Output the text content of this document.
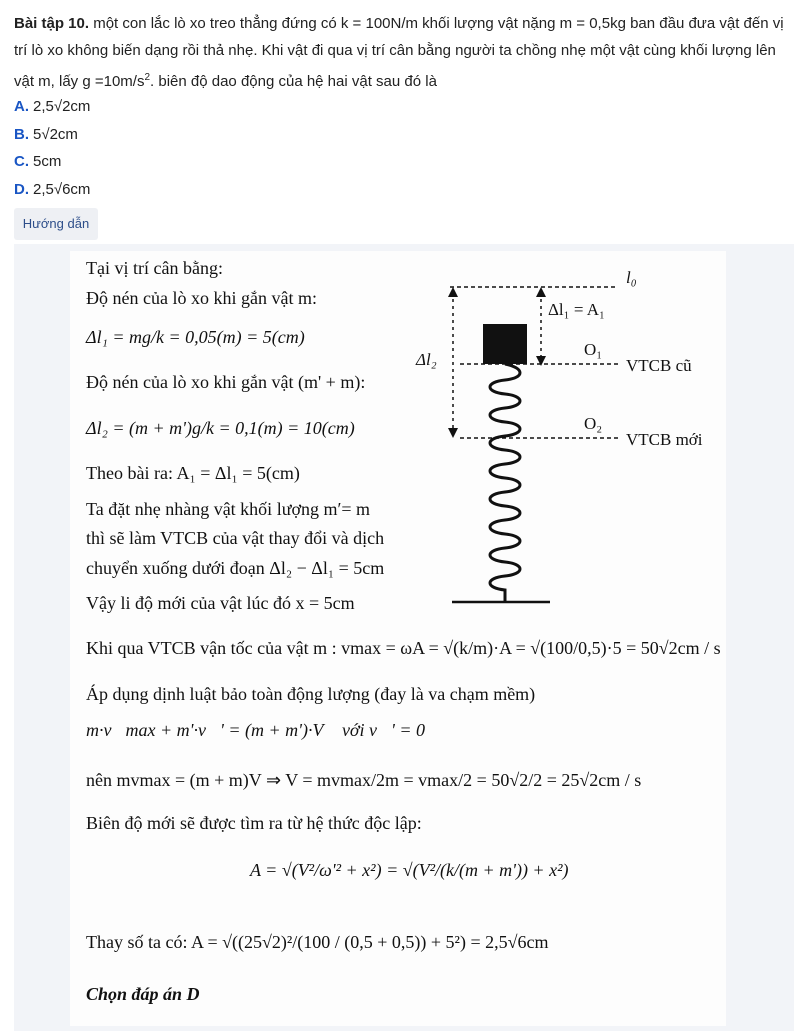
Bài tập 10. một con lắc lò xo treo thẳng đứng có k = 100N/m khối lượng vật nặng m = 0,5kg ban đầu đưa vật đến vị trí lò xo không biến dạng rồi thả nhẹ. Khi vật đi qua vị trí cân bằng người ta chồng nhẹ một vật cùng khối lượng lên vật m, lấy $g =10m/s^2$. biên độ dao động của hệ hai vật sau đó là
A. 2,5√2cm
B. 5√2cm
C. 5cm
D. 2,5√6cm
Hướng dẫn
Tại vị trí cân bằng:
Độ nén của lò xo khi gắn vật m:
Δl₁ = mg/k = 0,05(m) = 5(cm)
Độ nén của lò xo khi gắn vật (m' + m):
Δl₂ = (m + m')g/k = 0,1(m) = 10(cm)
Theo bài ra: A₁ = Δl₁ = 5(cm)
Ta đặt nhẹ nhàng vật khối lượng m′= m
thì sẽ làm VTCB của vật thay đổi và dịch
chuyển xuống dưới đoạn Δl₂ − Δl₁ = 5cm
Vậy li độ mới của vật lúc đó x = 5cm
Khi qua VTCB vận tốc của vật m : vmax = ωA = √(k/m)·A = √(100/0,5)·5 = 50√2cm / s
Áp dụng dịnh luật bảo toàn động lượng (đay là va chạm mềm)
m·v⃗max + m'·v⃗' = (m + m')·V⃗ với v⃗' = 0⃗
nên mvmax = (m + m)V ⇒ V = mvmax/2m = vmax/2 = 50√2/2 = 25√2cm / s
Biên độ mới sẽ được tìm ra từ hệ thức độc lập:
A = √(V²/ω'² + x²) = √(V²/(k/(m + m')) + x²)
Thay số ta có: A = √((25√2)²/(100 / (0,5 + 0,5)) + 5²) = 2,5√6cm
Chọn đáp án D
l₀
Δl₁ = A₁
Δl₂
O₁
VTCB cũ
O₂
VTCB mới
